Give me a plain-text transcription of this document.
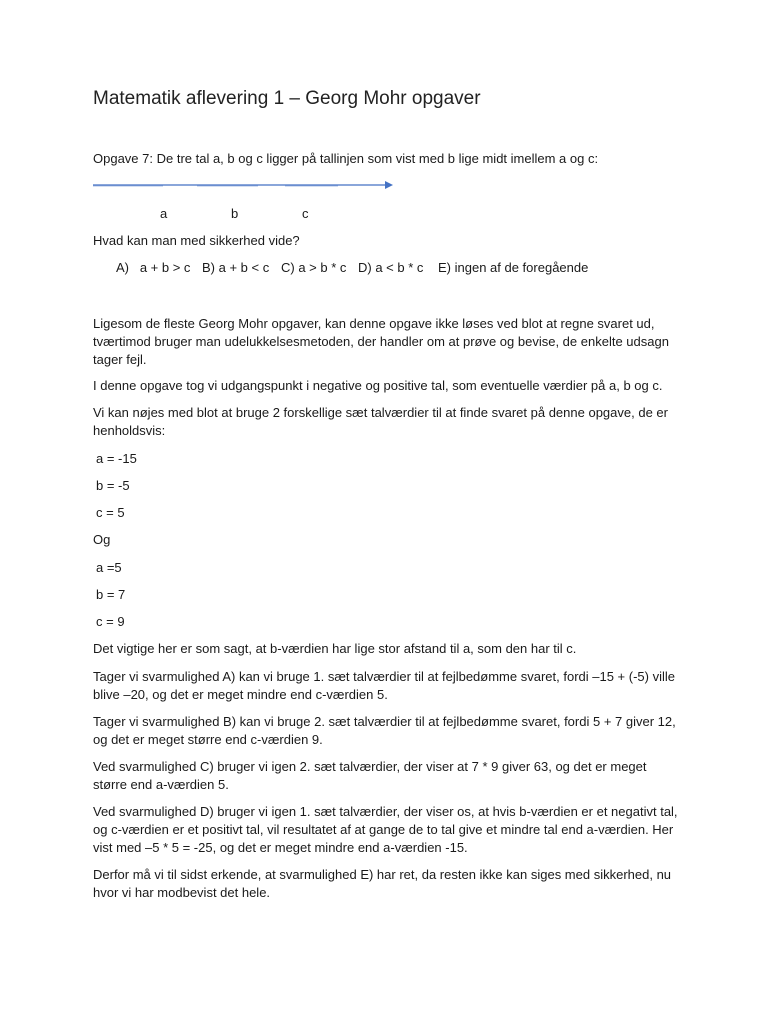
Matematik aflevering 1 – Georg Mohr opgaver
Opgave 7: De tre tal a, b og c ligger på tallinjen som vist med b lige midt imellem a og c:
a	b	c
Hvad kan man med sikkerhed vide?
A)   a + b > c B) a + b < c C) a > b * c D) a < b * c E) ingen af de foregående
Ligesom de fleste Georg Mohr opgaver, kan denne opgave ikke løses ved blot at regne svaret ud, tværtimod bruger man udelukkelsesmetoden, der handler om at prøve og bevise, de enkelte udsagn tager fejl.
I denne opgave tog vi udgangspunkt i negative og positive tal, som eventuelle værdier på a, b og c.
Vi kan nøjes med blot at bruge 2 forskellige sæt talværdier til at finde svaret på denne opgave, de er henholdsvis:
a = -15
b = -5
c = 5
Og
a =5
b = 7
c = 9
Det vigtige her er som sagt, at b-værdien har lige stor afstand til a, som den har til c.
Tager vi svarmulighed A) kan vi bruge 1. sæt talværdier til at fejlbedømme svaret, fordi –15 + (-5) ville blive –20, og det er meget mindre end c-værdien 5.
Tager vi svarmulighed B) kan vi bruge 2. sæt talværdier til at fejlbedømme svaret, fordi 5 + 7 giver 12, og det er meget større end c-værdien 9.
Ved svarmulighed C) bruger vi igen 2. sæt talværdier, der viser at 7 * 9 giver 63, og det er meget større end a-værdien 5.
Ved svarmulighed D) bruger vi igen 1. sæt talværdier, der viser os, at hvis b-værdien er et negativt tal, og c-værdien er et positivt tal, vil resultatet af at gange de to tal give et mindre tal end a-værdien. Her vist med –5 * 5 = -25, og det er meget mindre end a-værdien -15.
Derfor må vi til sidst erkende, at svarmulighed E) har ret, da resten ikke kan siges med sikkerhed, nu hvor vi har modbevist det hele.
